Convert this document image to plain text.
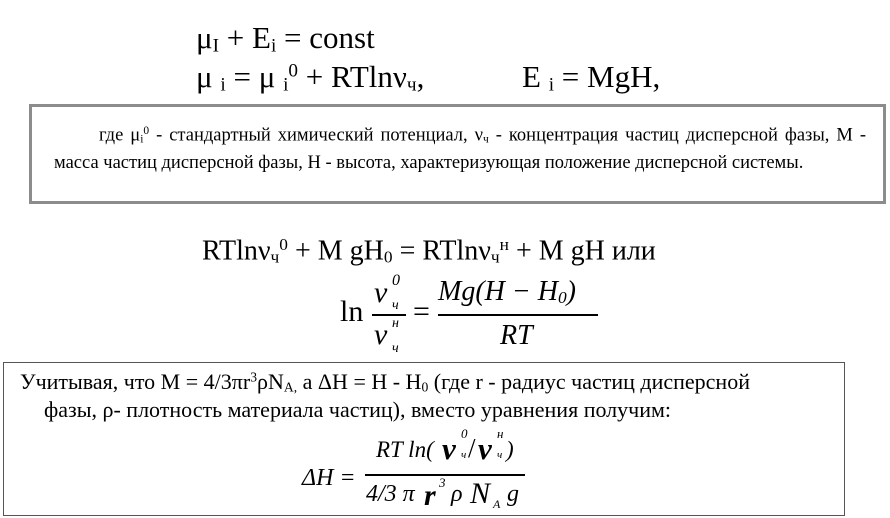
μI + Ei = const
μ i = μ $i^0 + RTln\nu ч$,	E i = MgH,
где $\mu i^0$ - стандартный химический потенциал, νч - концентрация частиц дисперсной фазы, М - масса частиц дисперсной фазы, Н - высота, характеризующая положение дисперсной системы.
RTlnνч$^0$ + M gH0 = RTlnνч$^н$ + M gH или
ln
ν 0
ч
ν н
ч
=
Mg(H − H0)
RT
Учитывая, что $М = 4/3\pi r^3\rho NA$, а ΔН = Н - Н0 (где r - радиус частиц дисперсной
фазы, ρ- плотность материала частиц), вместо уравнения получим:
ΔH =
RT ln( ν 0
ч / ν н
ч )
4/3 π r 3 ρ N A g
